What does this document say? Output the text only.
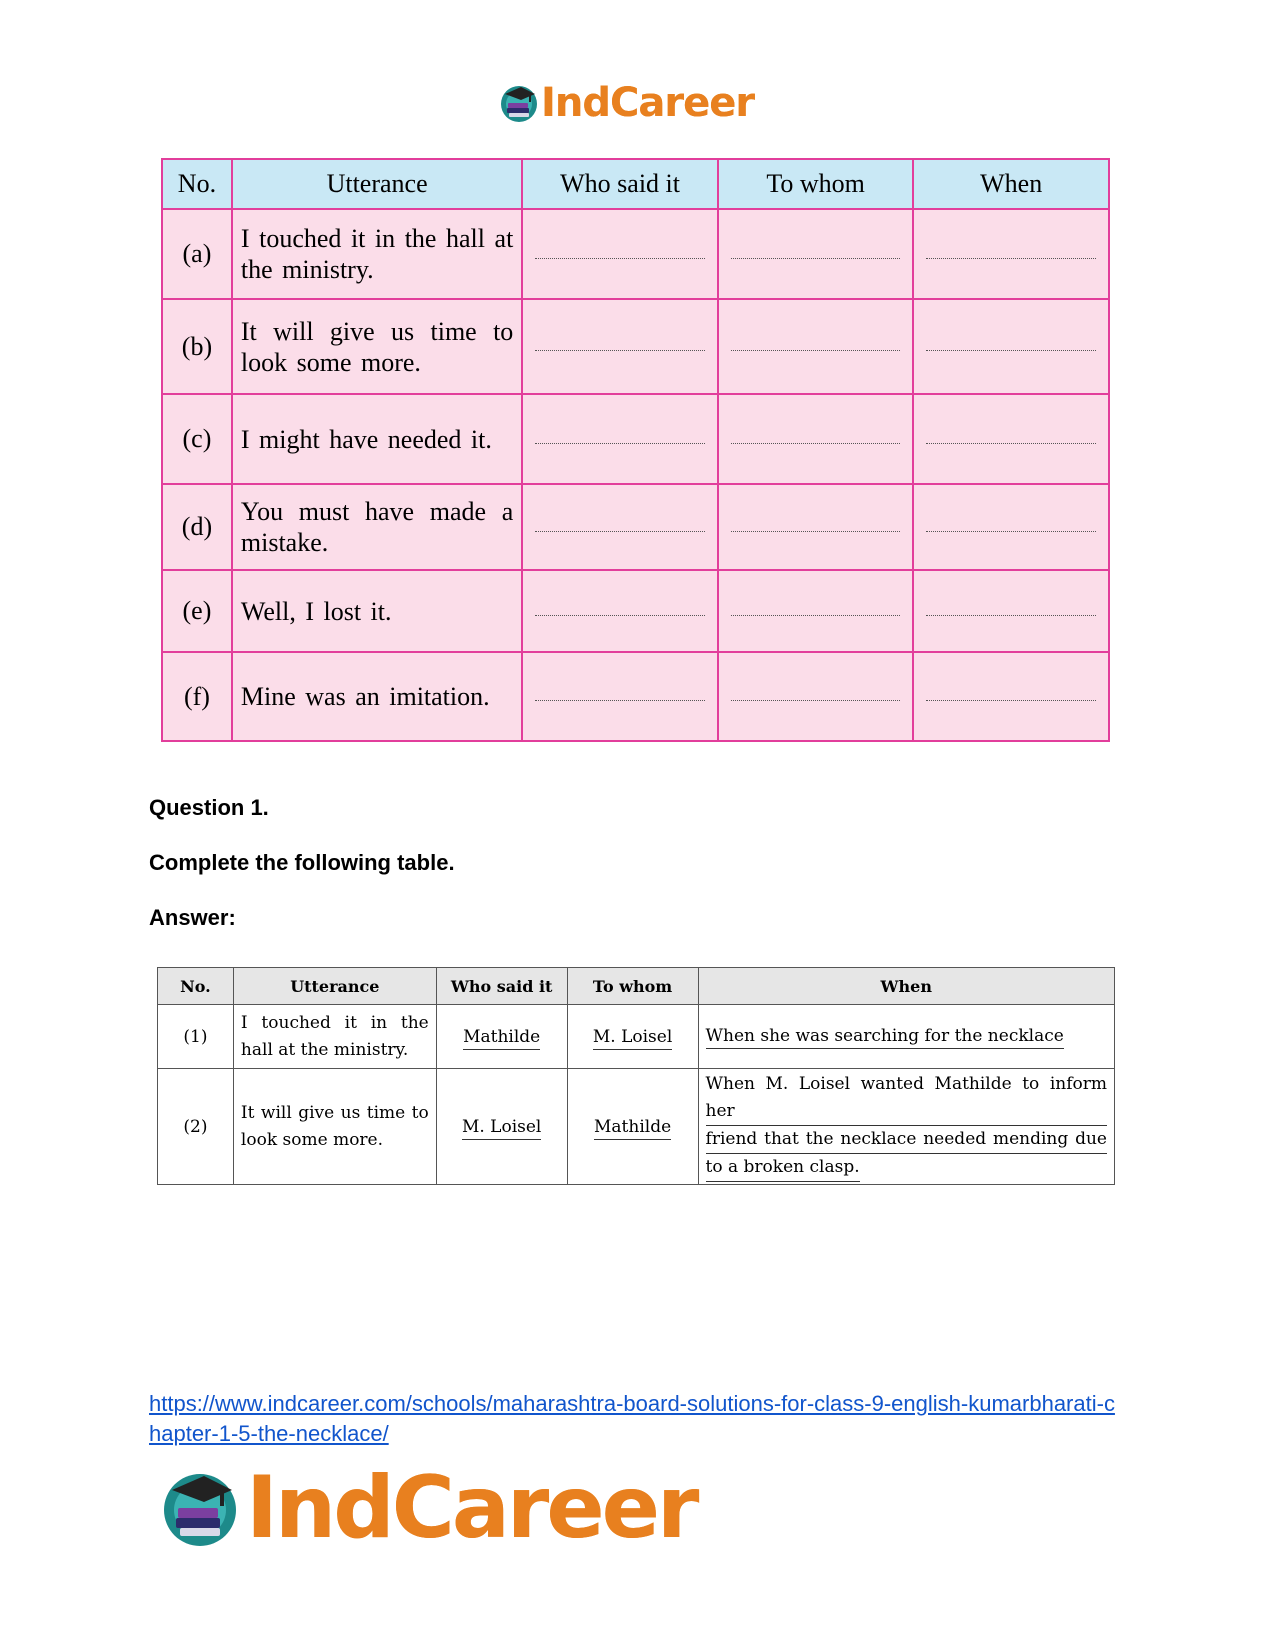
IndCareer
No.	Utterance	Who said it	To whom	When
(a)	I touched it in the hall at the ministry.	

(b)	It will give us time to look some more.	

(c)	I might have needed it.	

(d)	You must have made a mistake.	

(e)	Well, I lost it.	

(f)	Mine was an imitation.	

Question 1.
Complete the following table.
Answer:
No.	Utterance	Who said it	To whom	When
(1)	I touched it in the hall at the ministry.	Mathilde	M. Loisel	When she was searching for the necklace
(2)	It will give us time to look some more.	M. Loisel	Mathilde	When M. Loisel wanted Mathilde to inform her
friend that the necklace needed mending due
to a broken clasp.
https://www.indcareer.com/schools/maharashtra-board-solutions-for-class-9-english-kumarbharati-chapter-1-5-the-necklace/
IndCareer
